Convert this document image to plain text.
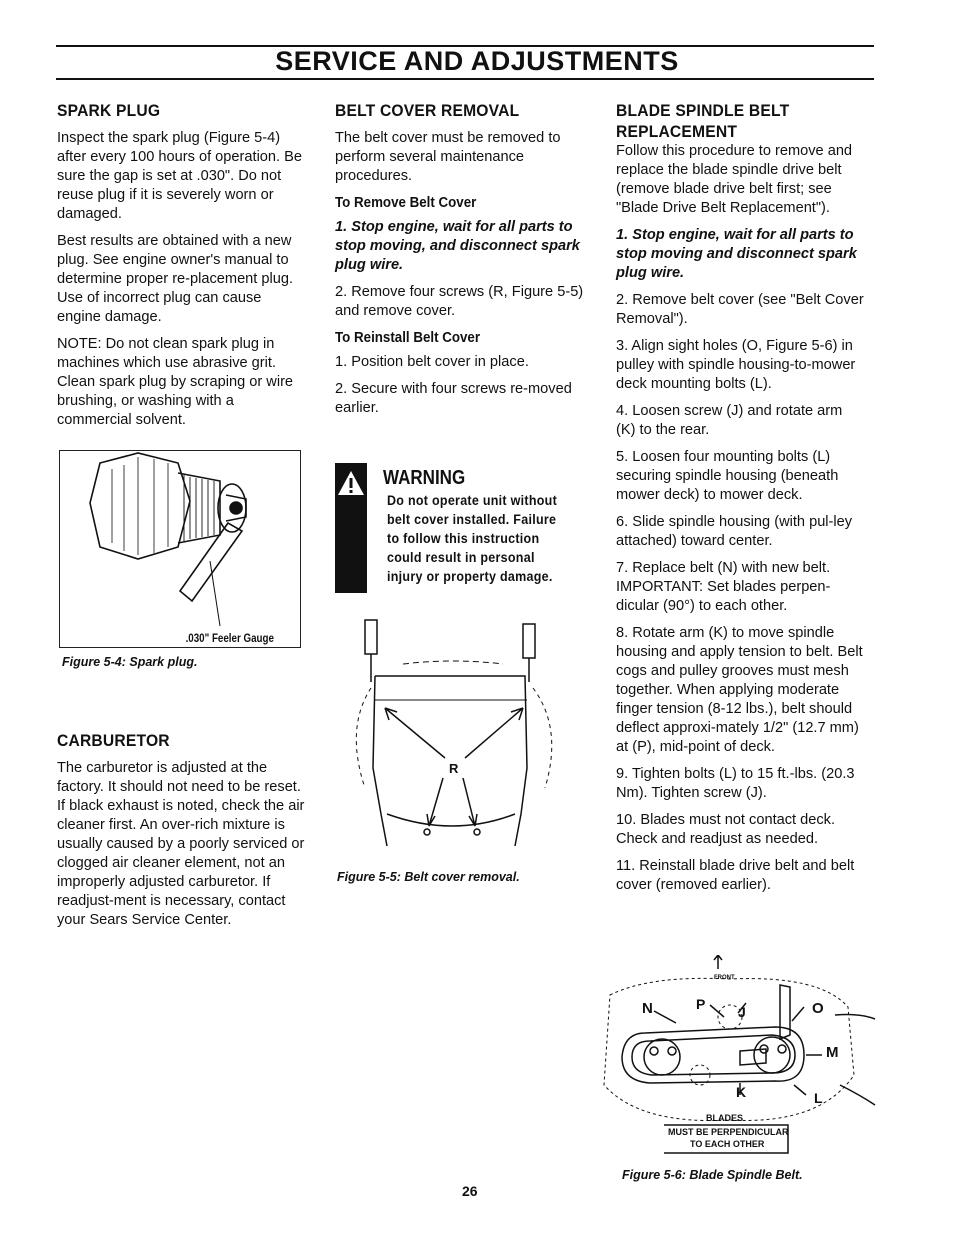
SERVICE AND ADJUSTMENTS
SPARK PLUG

Inspect the spark plug (Figure 5-4) after every 100 hours of operation. Be sure the gap is set at .030". Do not reuse plug if it is severely worn or damaged.

Best results are obtained with a new plug. See engine owner's manual to determine proper re-placement plug. Use of incorrect plug can cause engine damage.

NOTE: Do not clean spark plug in machines which use abrasive grit. Clean spark plug by scraping or wire brushing, or washing with a commercial solvent.

.030" Feeler Gauge
Figure 5-4: Spark plug.
CARBURETOR

The carburetor is adjusted at the factory. It should not need to be reset. If black exhaust is noted, check the air cleaner first. An over-rich mixture is usually caused by a poorly serviced or clogged air cleaner element, not an improperly adjusted carburetor. If readjust-ment is necessary, contact your Sears Service Center.

BELT COVER REMOVAL

The belt cover must be removed to perform several maintenance procedures.

To Remove Belt Cover

1. Stop engine, wait for all parts to stop moving, and disconnect spark plug wire.

2. Remove four screws (R, Figure 5-5) and remove cover.

To Reinstall Belt Cover

1. Position belt cover in place.

2. Secure with four screws re-moved earlier.

WARNING
Do not operate unit without belt cover installed. Failure to follow this instruction could result in personal injury or property damage.
R
Figure 5-5: Belt cover removal.
BLADE SPINDLE BELT
REPLACEMENT

Follow this procedure to remove and replace the blade spindle drive belt (remove blade drive belt first; see "Blade Drive Belt Replacement").

1. Stop engine, wait for all parts to stop moving and disconnect spark plug wire.

2. Remove belt cover (see "Belt Cover Removal").

3. Align sight holes (O, Figure 5-6) in pulley with spindle housing-to-mower deck mounting bolts (L).

4. Loosen screw (J) and rotate arm (K) to the rear.

5. Loosen four mounting bolts (L) securing spindle housing (beneath mower deck) to mower deck.

6. Slide spindle housing (with pul-ley attached) toward center.

7. Replace belt (N) with new belt. IMPORTANT: Set blades perpen-dicular (90°) to each other.

8. Rotate arm (K) to move spindle housing and apply tension to belt. Belt cogs and pulley grooves must mesh together. When applying moderate finger tension (8-12 lbs.), belt should deflect approxi-mately 1/2" (12.7 mm) at (P), mid-point of deck.

9. Tighten bolts (L) to 15 ft.-lbs. (20.3 Nm). Tighten screw (J).

10. Blades must not contact deck. Check and readjust as needed.

11. Reinstall blade drive belt and belt cover (removed earlier).

FRONT
N	P J	O
M
K	L
BLADES
MUST BE PERPENDICULAR
TO EACH OTHER
Figure 5-6: Blade Spindle Belt.
26
